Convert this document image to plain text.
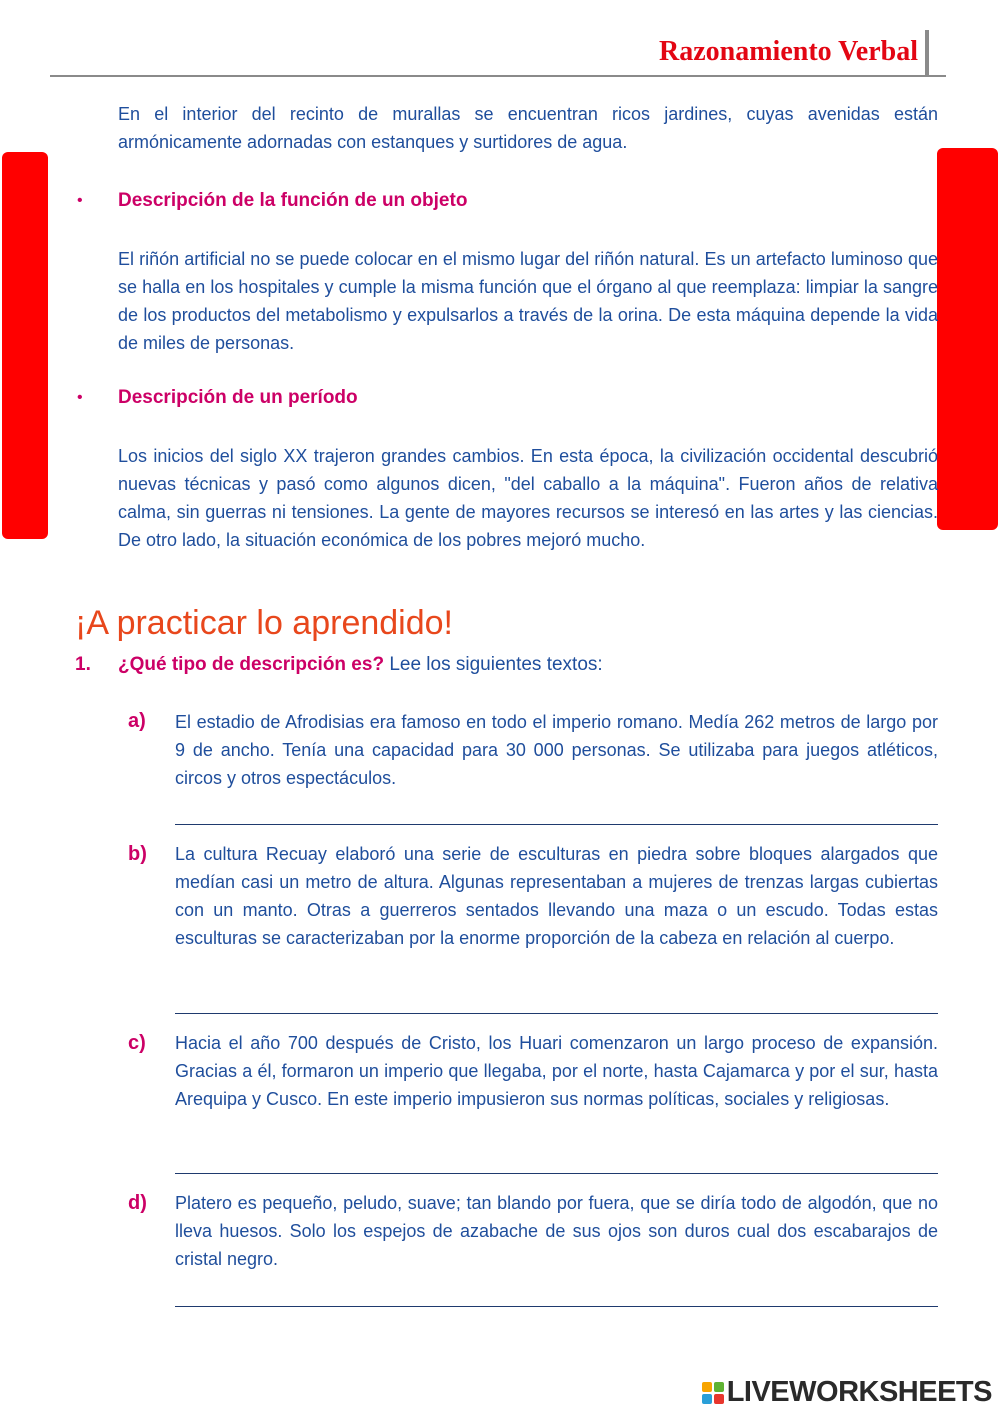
Razonamiento Verbal

En el interior del recinto de murallas se encuentran ricos jardines, cuyas avenidas están armónicamente adornadas con estanques y surtidores de agua.

• Descripción de la función de un objeto

El riñón artificial no se puede colocar en el mismo lugar del riñón natural. Es un artefacto luminoso que se halla en los hospitales y cumple la misma función que el órgano al que reemplaza: limpiar la sangre de los productos del metabolismo y expulsarlos a través de la orina. De esta máquina depende la vida de miles de personas.

• Descripción de un período

Los inicios del siglo XX trajeron grandes cambios. En esta época, la civilización occidental descubrió nuevas técnicas y pasó como algunos dicen, "del caballo a la máquina". Fueron años de relativa calma, sin guerras ni tensiones. La gente de mayores recursos se interesó en las artes y las ciencias. De otro lado, la situación económica de los pobres mejoró mucho.

¡A practicar lo aprendido!
1. ¿Qué tipo de descripción es? Lee los siguientes textos:
a) El estadio de Afrodisias era famoso en todo el imperio romano. Medía 262 metros de largo por 9 de ancho. Tenía una capacidad para 30 000 personas. Se utilizaba para juegos atléticos, circos y otros espectáculos.

b) La cultura Recuay elaboró una serie de esculturas en piedra sobre bloques alargados que medían casi un metro de altura. Algunas representaban a mujeres de trenzas largas cubiertas con un manto. Otras a guerreros sentados llevando una maza o un escudo. Todas estas esculturas se caracterizaban por la enorme proporción de la cabeza en relación al cuerpo.

c) Hacia el año 700 después de Cristo, los Huari comenzaron un largo proceso de expansión. Gracias a él, formaron un imperio que llegaba, por el norte, hasta Cajamarca y por el sur, hasta Arequipa y Cusco. En este imperio impusieron sus normas políticas, sociales y religiosas.

d) Platero es pequeño, peludo, suave; tan blando por fuera, que se diría todo de algodón, que no lleva huesos. Solo los espejos de azabache de sus ojos son duros cual dos escabarajos de cristal negro.

LIVEWORKSHEETS
